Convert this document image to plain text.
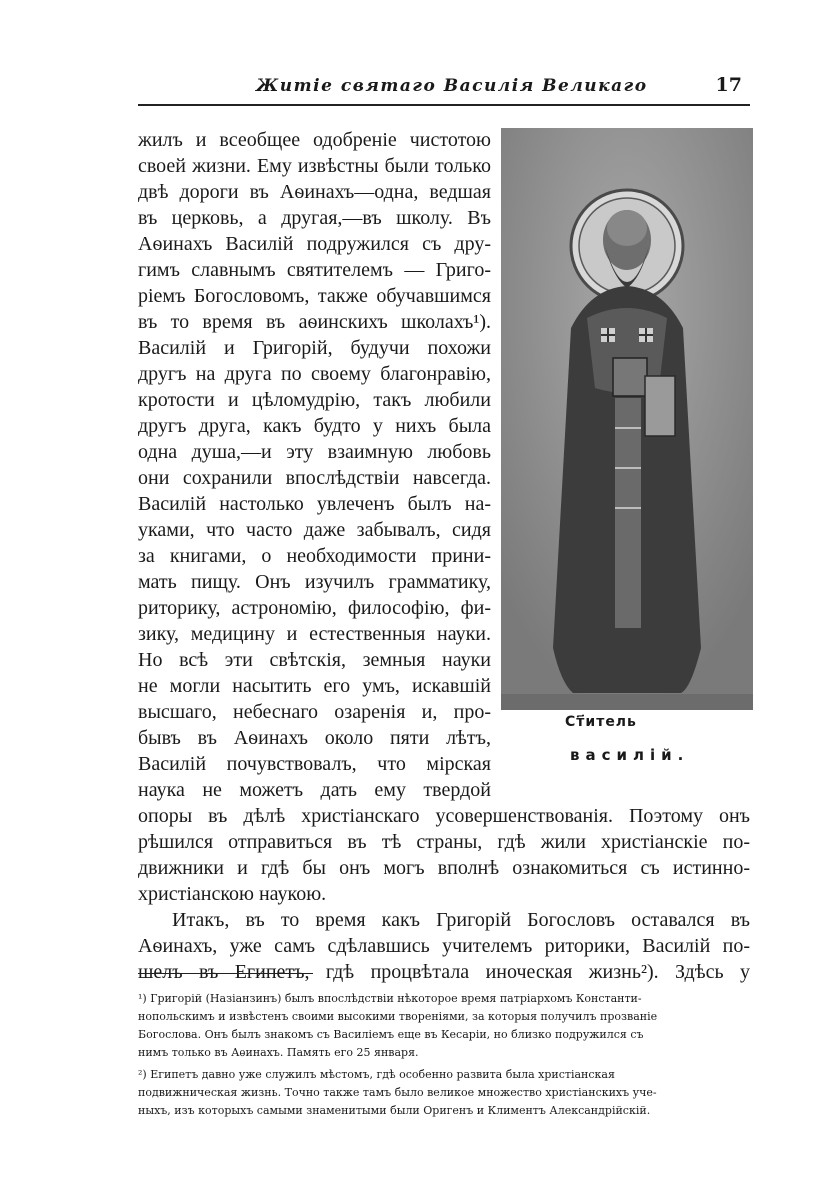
Житіе святаго Василія Великаго	17
жилъ и всеобщее одобреніе чистотою
своей жизни. Ему извѣстны были только
двѣ дороги въ Аѳинахъ—одна, ведшая
въ церковь, а другая,—въ школу. Въ
Аѳинахъ Василій подружился съ дру-
гимъ славнымъ святителемъ — Григо-
ріемъ Богословомъ, также обучавшимся
въ то время въ аѳинскихъ школахъ¹).
Василій и Григорій, будучи похожи
другъ на друга по своему благонравію,
кротости и цѣломудрію, такъ любили
другъ друга, какъ будто у нихъ была
одна душа,—и эту взаимную любовь
они сохранили впослѣдствіи навсегда.
Василій настолько увлеченъ былъ на-
уками, что часто даже забывалъ, сидя
за книгами, о необходимости прини-
мать пищу. Онъ изучилъ грамматику,
риторику, астрономію, философію, фи-
зику, медицину и естественныя науки.
Но всѣ эти свѣтскія, земныя науки
не могли насытить его умъ, искавшій
высшаго, небеснаго озаренія и, про-
бывъ въ Аѳинахъ около пяти лѣтъ,
Василій почувствовалъ, что мірская
наука не можетъ дать ему твердой
опоры въ дѣлѣ христіанскаго усовершенствованія. Поэтому онъ
рѣшился отправиться въ тѣ страны, гдѣ жили христіанскіе по-
движники и гдѣ бы онъ могъ вполнѣ ознакомиться съ истинно-
христіанскою наукою.
Итакъ, въ то время какъ Григорій Богословъ оставался въ
Аѳинахъ, уже самъ сдѣлавшись учителемъ риторики, Василій по-
шелъ въ Египетъ, гдѣ процвѣтала иноческая жизнь²). Здѣсь у
Ст҃итель
василій.
¹) Григорій (Назіанзинъ) былъ впослѣдствіи нѣкоторое время патріархомъ Константи-
нопольскимъ и извѣстенъ своими высокими твореніями, за которыя получилъ прозваніе
Богослова. Онъ былъ знакомъ съ Василіемъ еще въ Кесаріи, но близко подружился съ
нимъ только въ Аѳинахъ. Память его 25 января.
²) Египетъ давно уже служилъ мѣстомъ, гдѣ особенно развита была христіанская
подвижническая жизнь. Точно также тамъ было великое множество христіанскихъ уче-
ныхъ, изъ которыхъ самыми знаменитыми были Оригенъ и Климентъ Александрійскій.
